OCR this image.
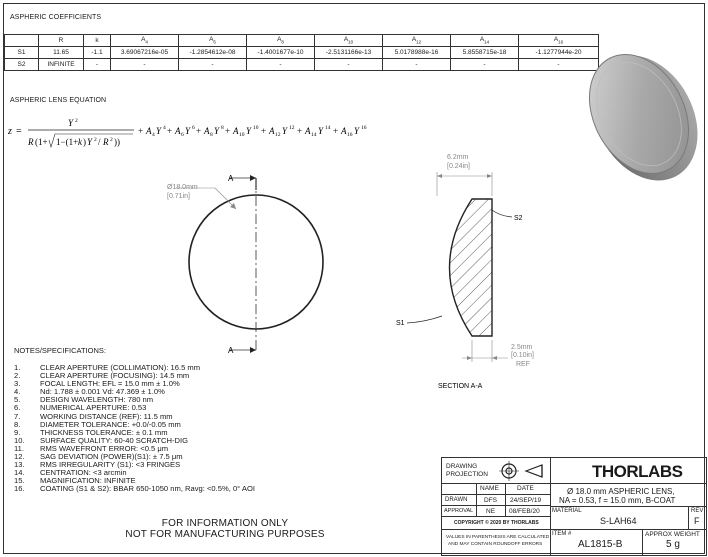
ASPHERIC COEFFICIENTS
	R	k	$A_4$	$A_6$	$A_8$	$A_{10}$	$A_{12}$	$A_{14}$	$A_{16}$
S1	11.65	-1.1	3.69067216e-05	-1.2854612e-08	-1.4001677e-10	-2.5131166e-13	5.0178988e-16	5.8558715e-18	-1.1277944e-20
S2	INFINITE	-	-	-	-	-	-	-	-
ASPHERIC LENS EQUATION
z =
Y 2
R (1+ 1−(1+ k ) Y 2 / R 2 ))
+ A 4 Y 4 + A 6 Y 6 + A 8 Y 8 + A 10 Y 10 + A 12 Y 12 + A 14 Y 14 + A 16 Y 16
A
A
Ø18.0mm
[0.71in]
6.2mm
[0.24in]
2.5mm
[0.10in]
REF
S2
S1
SECTION A-A
NOTES/SPECIFICATIONS:
1.	CLEAR APERTURE (COLLIMATION): 16.5 mm
2.	CLEAR APERTURE (FOCUSING): 14.5 mm
3.	FOCAL LENGTH: EFL = 15.0 mm ± 1.0%
4.	Nd: 1.788 ± 0.001 Vd: 47.369 ± 1.0%
5.	DESIGN WAVELENGTH: 780 nm
6.	NUMERICAL APERTURE: 0.53
7.	WORKING DISTANCE (REF): 11.5 mm
8.	DIAMETER TOLERANCE: +0.0/-0.05 mm
9.	THICKNESS TOLERANCE: ± 0.1 mm
10.	SURFACE QUALITY: 60-40 SCRATCH-DIG
11.	RMS WAVEFRONT ERROR: <0.5 μm
12.	SAG DEVIATION (POWER)(S1): ± 7.5 μm
13.	RMS IRREGULARITY (S1): <3 FRINGES
14.	CENTRATION: <3 arcmin
15.	MAGNIFICATION: INFINITE
16.	COATING (S1 & S2): BBAR 650-1050 nm, Ravg: <0.5%, 0° AOI
FOR INFORMATION ONLY
NOT FOR MANUFACTURING PURPOSES
DRAWING
PROJECTION	THORLABS
NAME	DATE
DRAWN	DFS 24/SEP/19
APPROVAL NE 08/FEB/20
COPYRIGHT © 2020 BY THORLABS
VALUES IN PARENTHESIS ARE CALCULATED
AND MAY CONTAIN ROUNDOFF ERRORS
Ø 18.0 mm ASPHERIC LENS,
NA = 0.53, f = 15.0 mm, B-COAT
MATERIAL
S-LAH64
REV
F
ITEM #
AL1815-B
APPROX WEIGHT
5 g
